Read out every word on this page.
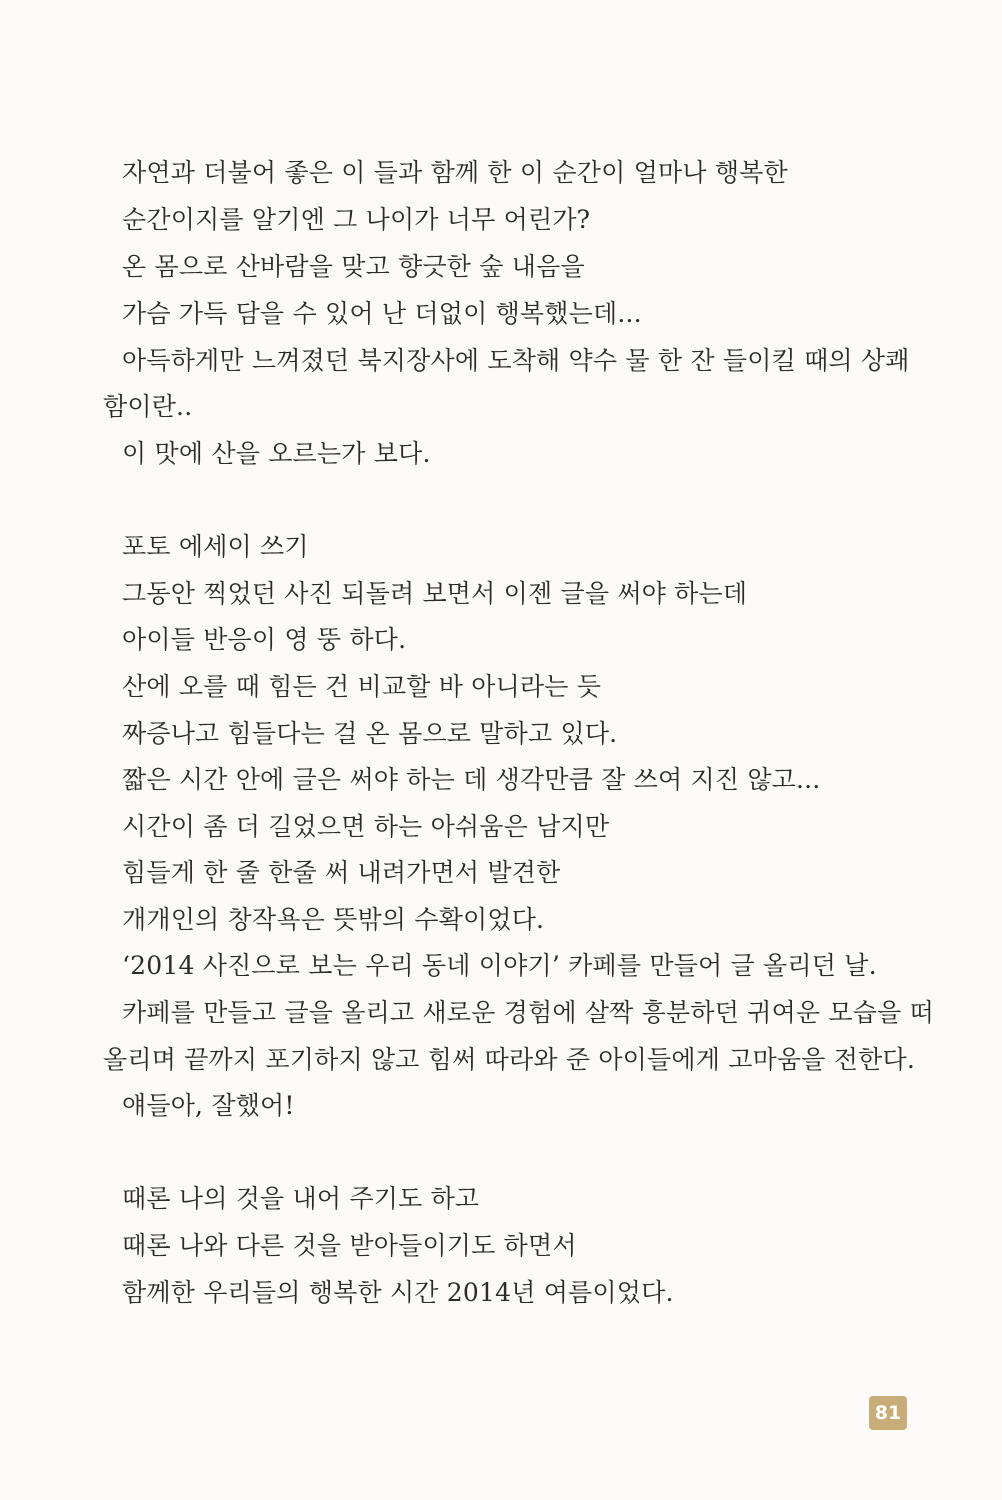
자연과 더불어 좋은 이 들과 함께 한 이 순간이 얼마나 행복한
순간이지를 알기엔 그 나이가 너무 어린가?
온 몸으로 산바람을 맞고 향긋한 숲 내음을
가슴 가득 담을 수 있어 난 더없이 행복했는데...
아득하게만 느껴졌던 북지장사에 도착해 약수 물 한 잔 들이킬 때의 상쾌
함이란..
이 맛에 산을 오르는가 보다.
포토 에세이 쓰기
그동안 찍었던 사진 되돌려 보면서 이젠 글을 써야 하는데
아이들 반응이 영 뚱 하다.
산에 오를 때 힘든 건 비교할 바 아니라는 듯
짜증나고 힘들다는 걸 온 몸으로 말하고 있다.
짧은 시간 안에 글은 써야 하는 데 생각만큼 잘 쓰여 지진 않고...
시간이 좀 더 길었으면 하는 아쉬움은 남지만
힘들게 한 줄 한줄 써 내려가면서 발견한
개개인의 창작욕은 뜻밖의 수확이었다.
‘2014 사진으로 보는 우리 동네 이야기’ 카페를 만들어 글 올리던 날.
카페를 만들고 글을 올리고 새로운 경험에 살짝 흥분하던 귀여운 모습을 떠
올리며 끝까지 포기하지 않고 힘써 따라와 준 아이들에게 고마움을 전한다.
얘들아, 잘했어!
때론 나의 것을 내어 주기도 하고
때론 나와 다른 것을 받아들이기도 하면서
함께한 우리들의 행복한 시간 2014년 여름이었다.
81
